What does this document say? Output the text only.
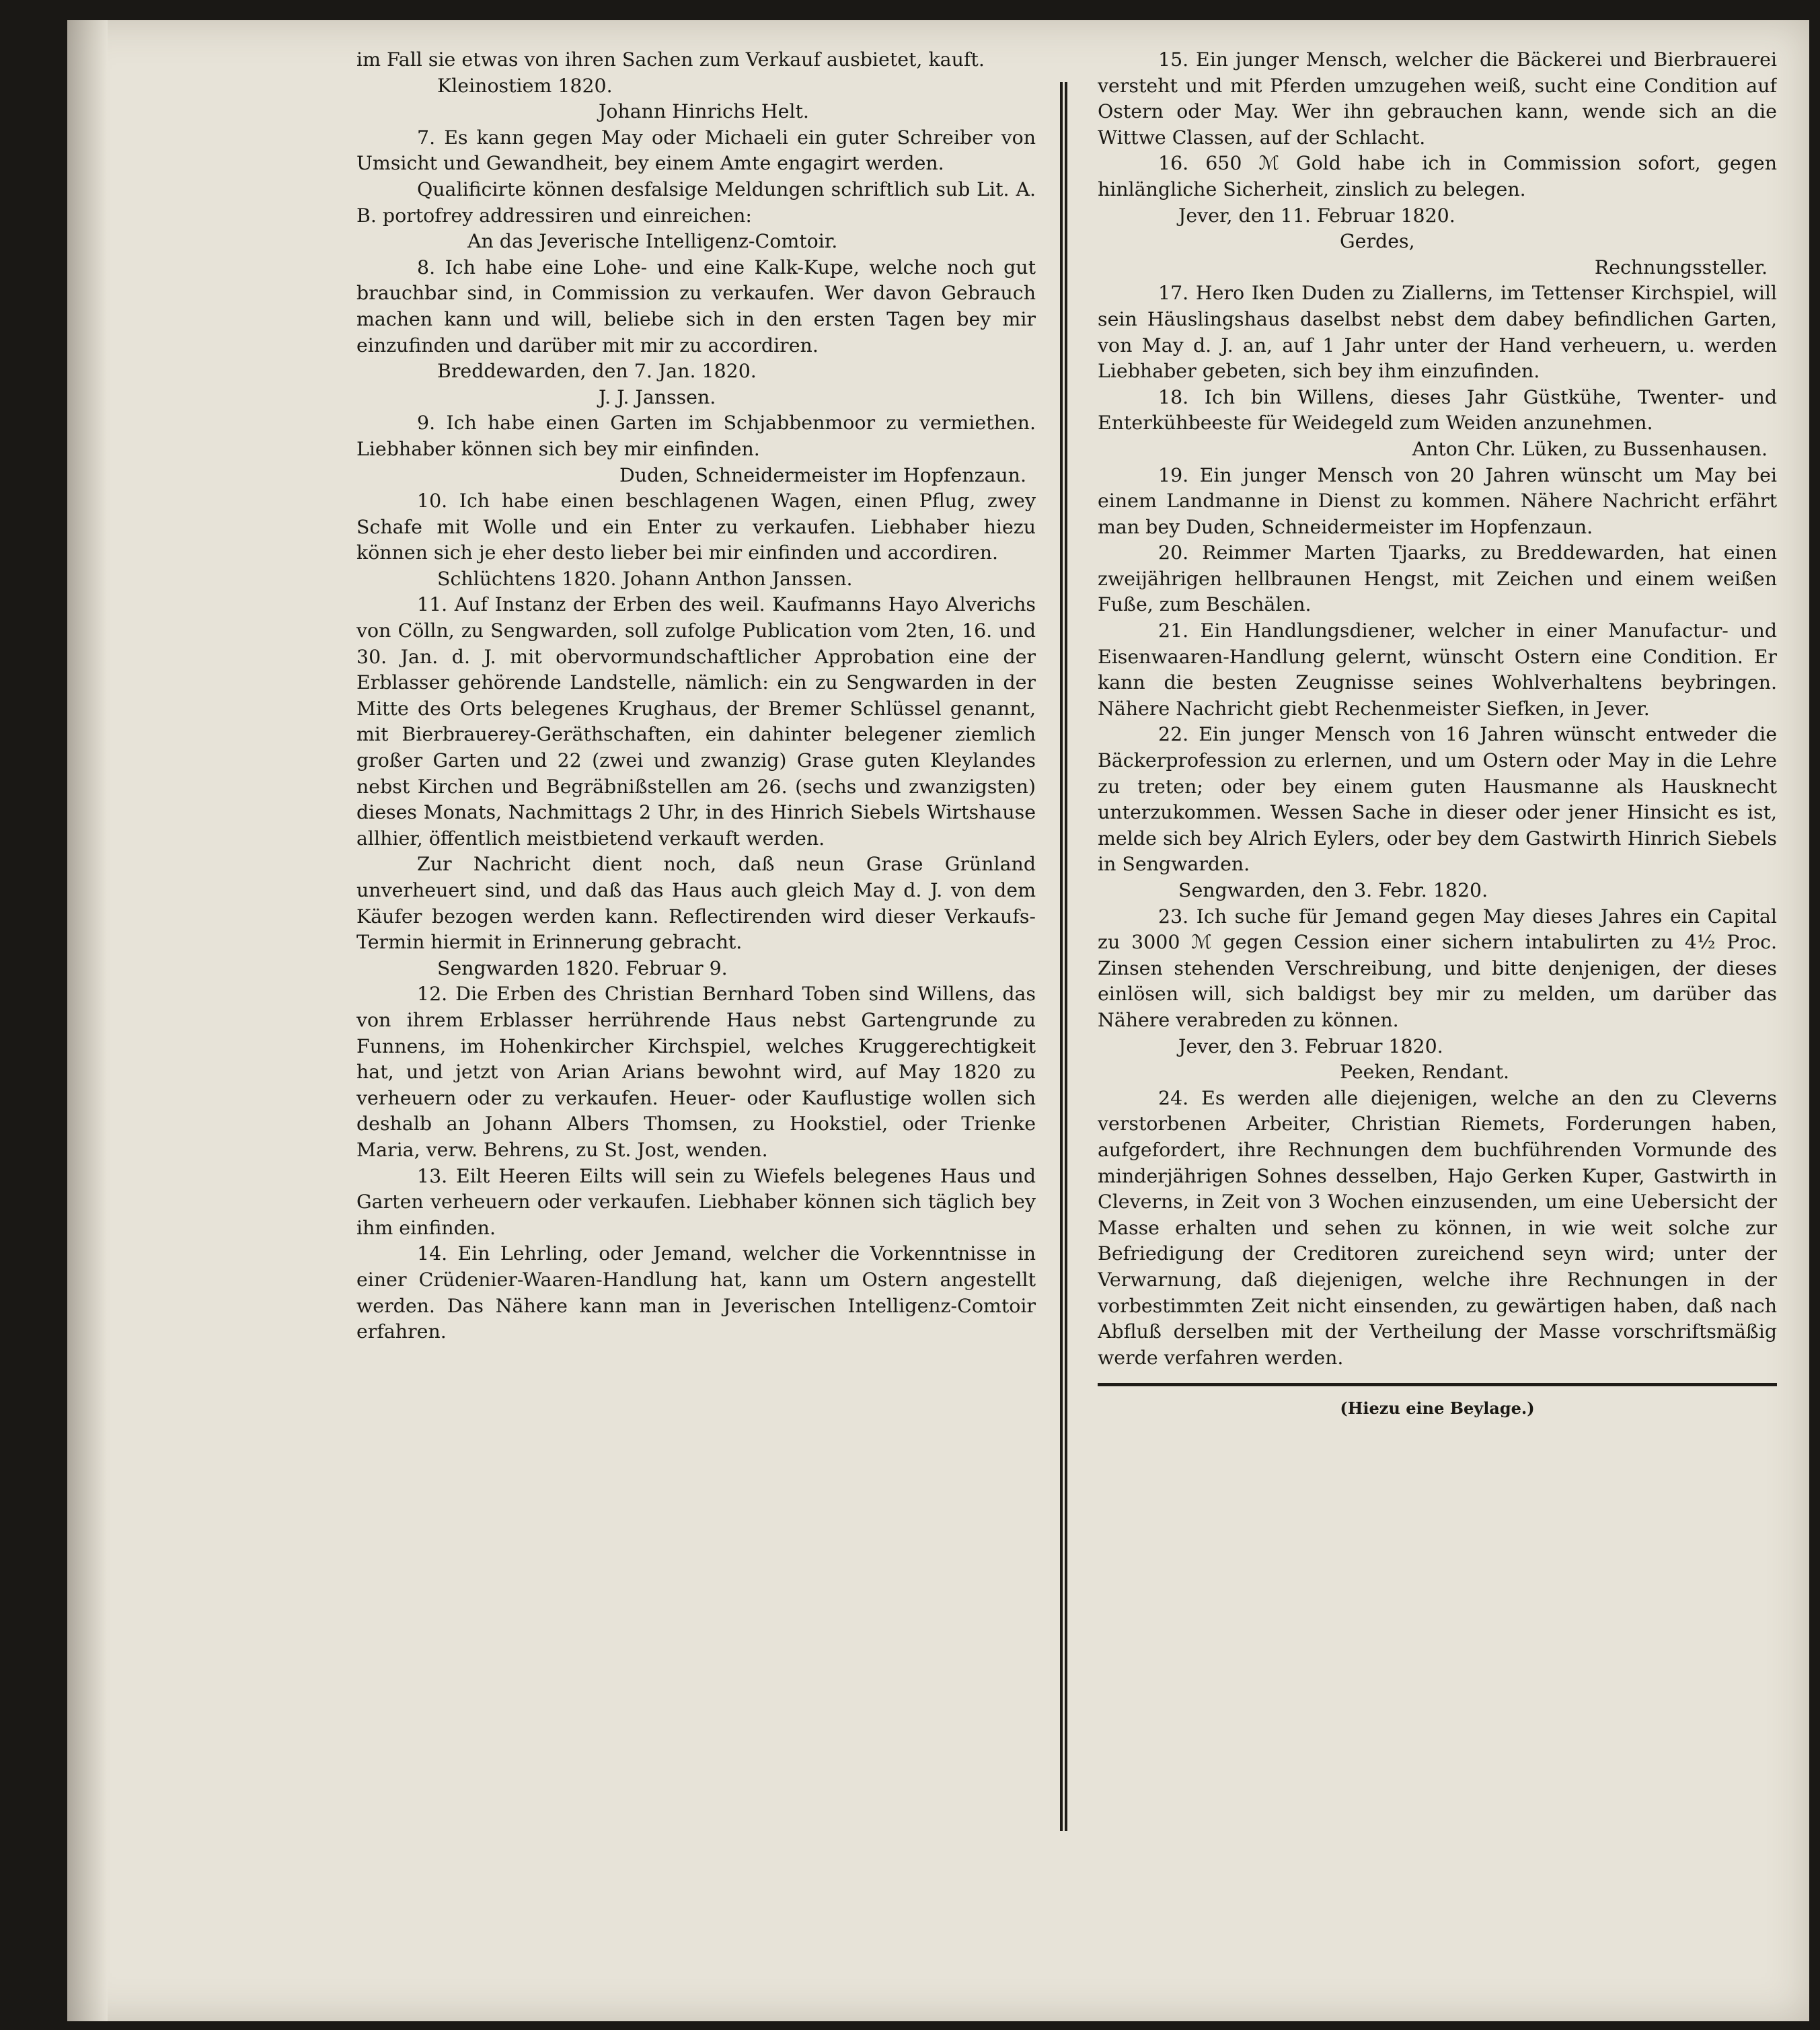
im Fall sie etwas von ihren Sachen zum Verkauf ausbietet, kauft.

Kleinostiem 1820.

Johann Hinrichs Helt.

7. Es kann gegen May oder Michaeli ein guter Schreiber von Umsicht und Gewandheit, bey einem Amte engagirt werden.

Qualificirte können desfalsige Meldungen schriftlich sub Lit. A. B. portofrey addressiren und einreichen:

An das Jeverische Intelligenz-Comtoir.

8. Ich habe eine Lohe- und eine Kalk-Kupe, welche noch gut brauchbar sind, in Commission zu verkaufen. Wer davon Gebrauch machen kann und will, beliebe sich in den ersten Tagen bey mir einzufinden und darüber mit mir zu accordiren.

Breddewarden, den 7. Jan. 1820.

J. J. Janssen.

9. Ich habe einen Garten im Schjabbenmoor zu vermiethen. Liebhaber können sich bey mir einfinden.

Duden, Schneidermeister im Hopfenzaun.

10. Ich habe einen beschlagenen Wagen, einen Pflug, zwey Schafe mit Wolle und ein Enter zu verkaufen. Liebhaber hiezu können sich je eher desto lieber bei mir einfinden und accordiren.

Schlüchtens 1820. Johann Anthon Janssen.

11. Auf Instanz der Erben des weil. Kaufmanns Hayo Alverichs von Cölln, zu Sengwarden, soll zufolge Publication vom 2ten, 16. und 30. Jan. d. J. mit obervormundschaftlicher Approbation eine der Erblasser gehörende Landstelle, nämlich: ein zu Sengwarden in der Mitte des Orts belegenes Krughaus, der Bremer Schlüssel genannt, mit Bierbrauerey-Geräthschaften, ein dahinter belegener ziemlich großer Garten und 22 (zwei und zwanzig) Grase guten Kleylandes nebst Kirchen und Begräbnißstellen am 26. (sechs und zwanzigsten) dieses Monats, Nachmittags 2 Uhr, in des Hinrich Siebels Wirtshause allhier, öffentlich meistbietend verkauft werden.

Zur Nachricht dient noch, daß neun Grase Grünland unverheuert sind, und daß das Haus auch gleich May d. J. von dem Käufer bezogen werden kann. Reflectirenden wird dieser Verkaufs-Termin hiermit in Erinnerung gebracht.

Sengwarden 1820. Februar 9.

12. Die Erben des Christian Bernhard Toben sind Willens, das von ihrem Erblasser herrührende Haus nebst Gartengrunde zu Funnens, im Hohenkircher Kirchspiel, welches Kruggerechtigkeit hat, und jetzt von Arian Arians bewohnt wird, auf May 1820 zu verheuern oder zu verkaufen. Heuer- oder Kauflustige wollen sich deshalb an Johann Albers Thomsen, zu Hookstiel, oder Trienke Maria, verw. Behrens, zu St. Jost, wenden.

13. Eilt Heeren Eilts will sein zu Wiefels belegenes Haus und Garten verheuern oder verkaufen. Liebhaber können sich täglich bey ihm einfinden.

14. Ein Lehrling, oder Jemand, welcher die Vorkenntnisse in einer Crüdenier-Waaren-Handlung hat, kann um Ostern angestellt werden. Das Nähere kann man in Jeverischen Intelligenz-Comtoir erfahren.

15. Ein junger Mensch, welcher die Bäckerei und Bierbrauerei versteht und mit Pferden umzugehen weiß, sucht eine Condition auf Ostern oder May. Wer ihn gebrauchen kann, wende sich an die Wittwe Classen, auf der Schlacht.

16. 650 ℳ Gold habe ich in Commission sofort, gegen hinlängliche Sicherheit, zinslich zu belegen.

Jever, den 11. Februar 1820.

Gerdes,

Rechnungssteller.

17. Hero Iken Duden zu Ziallerns, im Tettenser Kirchspiel, will sein Häuslingshaus daselbst nebst dem dabey befindlichen Garten, von May d. J. an, auf 1 Jahr unter der Hand verheuern, u. werden Liebhaber gebeten, sich bey ihm einzufinden.

18. Ich bin Willens, dieses Jahr Güstkühe, Twenter- und Enterkühbeeste für Weidegeld zum Weiden anzunehmen.

Anton Chr. Lüken, zu Bussenhausen.

19. Ein junger Mensch von 20 Jahren wünscht um May bei einem Landmanne in Dienst zu kommen. Nähere Nachricht erfährt man bey Duden, Schneidermeister im Hopfenzaun.

20. Reimmer Marten Tjaarks, zu Breddewarden, hat einen zweijährigen hellbraunen Hengst, mit Zeichen und einem weißen Fuße, zum Beschälen.

21. Ein Handlungsdiener, welcher in einer Manufactur- und Eisenwaaren-Handlung gelernt, wünscht Ostern eine Condition. Er kann die besten Zeugnisse seines Wohlverhaltens beybringen. Nähere Nachricht giebt Rechenmeister Siefken, in Jever.

22. Ein junger Mensch von 16 Jahren wünscht entweder die Bäckerprofession zu erlernen, und um Ostern oder May in die Lehre zu treten; oder bey einem guten Hausmanne als Hausknecht unterzukommen. Wessen Sache in dieser oder jener Hinsicht es ist, melde sich bey Alrich Eylers, oder bey dem Gastwirth Hinrich Siebels in Sengwarden.

Sengwarden, den 3. Febr. 1820.

23. Ich suche für Jemand gegen May dieses Jahres ein Capital zu 3000 ℳ gegen Cession einer sichern intabulirten zu 4½ Proc. Zinsen stehenden Verschreibung, und bitte denjenigen, der dieses einlösen will, sich baldigst bey mir zu melden, um darüber das Nähere verabreden zu können.

Jever, den 3. Februar 1820.

Peeken, Rendant.

24. Es werden alle diejenigen, welche an den zu Cleverns verstorbenen Arbeiter, Christian Riemets, Forderungen haben, aufgefordert, ihre Rechnungen dem buchführenden Vormunde des minderjährigen Sohnes desselben, Hajo Gerken Kuper, Gastwirth in Cleverns, in Zeit von 3 Wochen einzusenden, um eine Uebersicht der Masse erhalten und sehen zu können, in wie weit solche zur Befriedigung der Creditoren zureichend seyn wird; unter der Verwarnung, daß diejenigen, welche ihre Rechnungen in der vorbestimmten Zeit nicht einsenden, zu gewärtigen haben, daß nach Abfluß derselben mit der Vertheilung der Masse vorschriftsmäßig werde verfahren werden.

(Hiezu eine Beylage.)
